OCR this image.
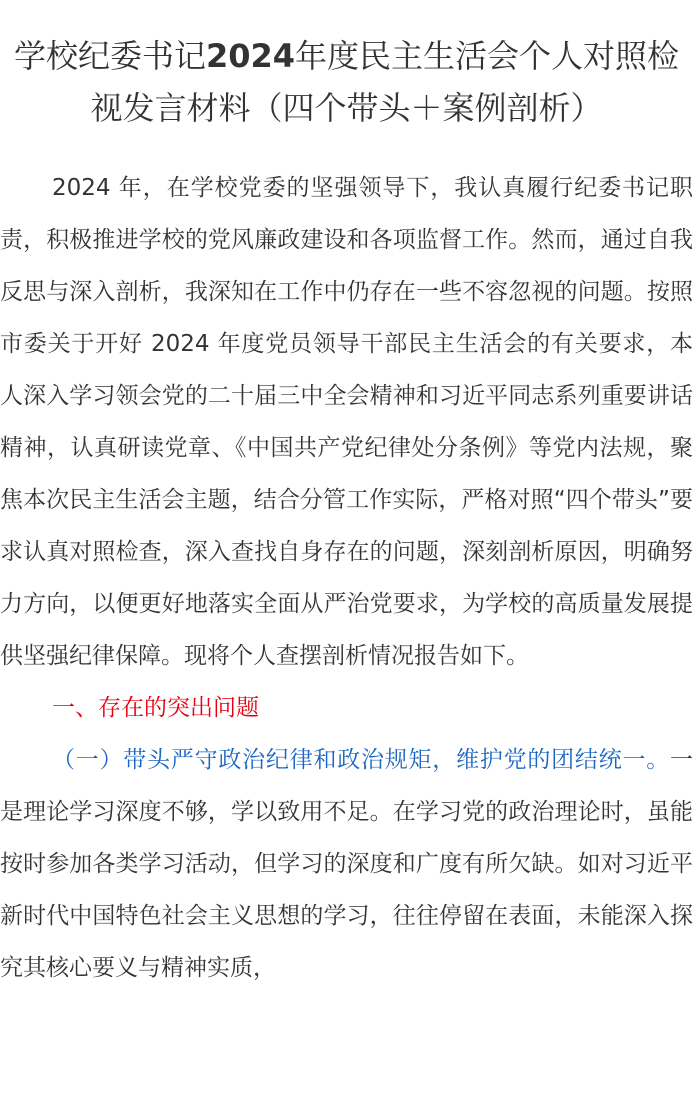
学校纪委书记2024年度民主生活会个人对照检视发言材料（四个带头＋案例剖析）

2024 年，在学校党委的坚强领导下，我认真履行纪委书记职责，积极推进学校的党风廉政建设和各项监督工作。然而，通过自我反思与深入剖析，我深知在工作中仍存在一些不容忽视的问题。按照市委关于开好 2024 年度党员领导干部民主生活会的有关要求，本人深入学习领会党的二十届三中全会精神和习近平同志系列重要讲话精神，认真研读党章、《中国共产党纪律处分条例》等党内法规，聚焦本次民主生活会主题，结合分管工作实际，严格对照“四个带头”要求认真对照检查，深入查找自身存在的问题，深刻剖析原因，明确努力方向，以便更好地落实全面从严治党要求，为学校的高质量发展提供坚强纪律保障。现将个人查摆剖析情况报告如下。

一、存在的突出问题

（一）带头严守政治纪律和政治规矩，维护党的团结统一。一是理论学习深度不够，学以致用不足。在学习党的政治理论时，虽能按时参加各类学习活动，但学习的深度和广度有所欠缺。如对习近平新时代中国特色社会主义思想的学习，往往停留在表面，未能深入探究其核心要义与精神实质，
